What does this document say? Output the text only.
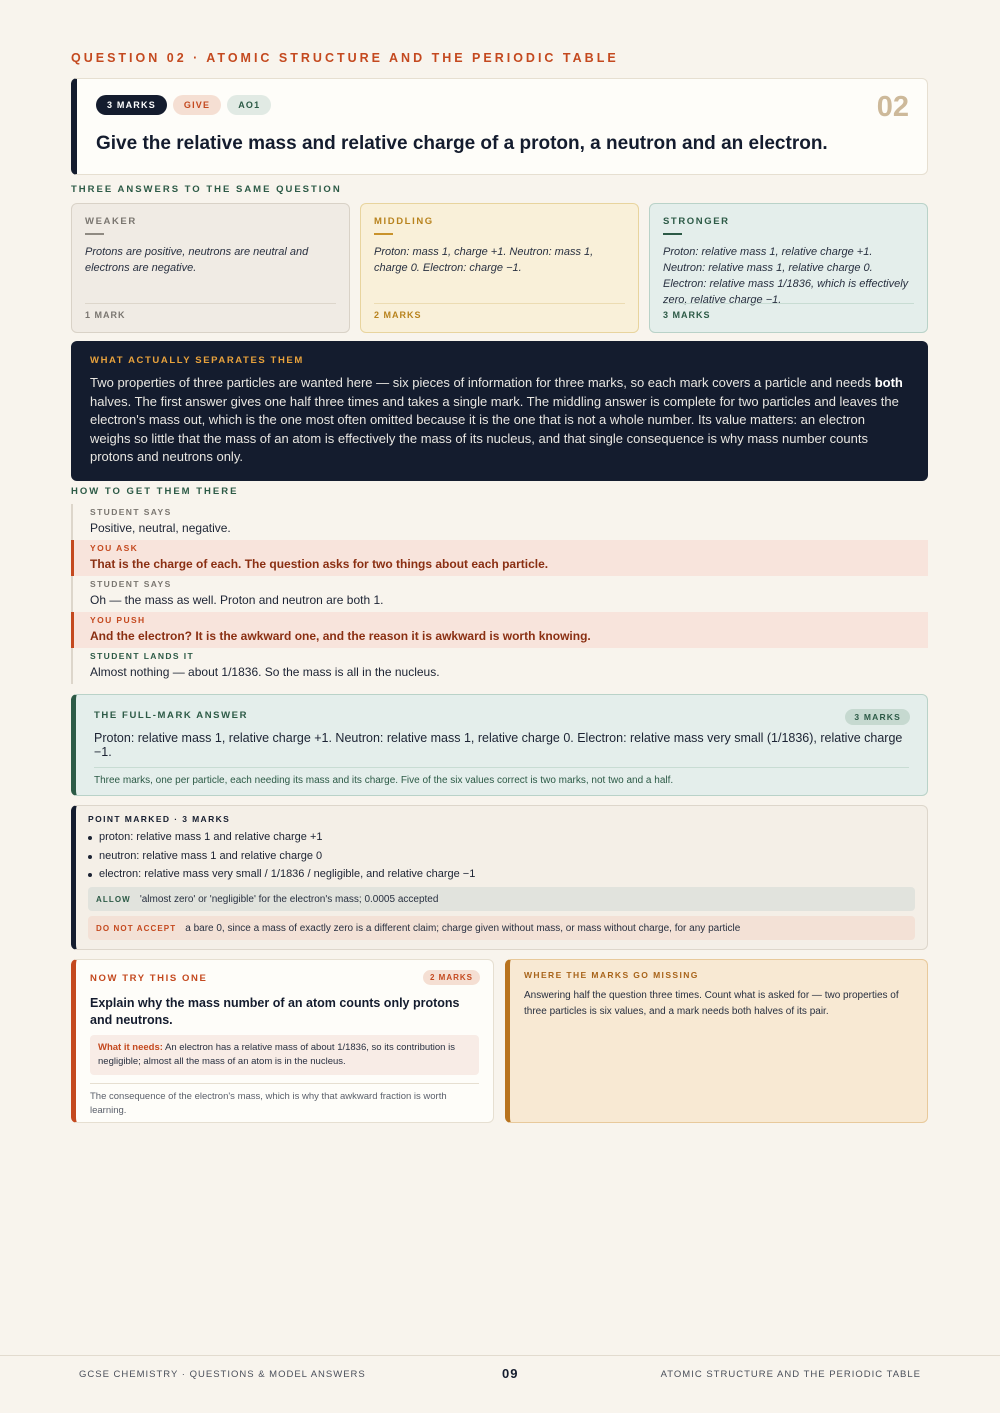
QUESTION 02 · ATOMIC STRUCTURE AND THE PERIODIC TABLE
3 MARKS	GIVE	AO1	02
Give the relative mass and relative charge of a proton, a neutron and an electron.
THREE ANSWERS TO THE SAME QUESTION
WEAKER
Protons are positive, neutrons are neutral and electrons are negative.
1 MARK
MIDDLING
Proton: mass 1, charge +1. Neutron: mass 1, charge 0. Electron: charge −1.
2 MARKS
STRONGER
Proton: relative mass 1, relative charge +1. Neutron: relative mass 1, relative charge 0. Electron: relative mass 1/1836, which is effectively zero, relative charge −1.
3 MARKS
WHAT ACTUALLY SEPARATES THEM
Two properties of three particles are wanted here — six pieces of information for three marks, so each mark covers a particle and needs both halves. The first answer gives one half three times and takes a single mark. The middling answer is complete for two particles and leaves the electron's mass out, which is the one most often omitted because it is the one that is not a whole number. Its value matters: an electron weighs so little that the mass of an atom is effectively the mass of its nucleus, and that single consequence is why mass number counts protons and neutrons only.
HOW TO GET THEM THERE
STUDENT SAYS
Positive, neutral, negative.
YOU ASK
That is the charge of each. The question asks for two things about each particle.
STUDENT SAYS
Oh — the mass as well. Proton and neutron are both 1.
YOU PUSH
And the electron? It is the awkward one, and the reason it is awkward is worth knowing.
STUDENT LANDS IT
Almost nothing — about 1/1836. So the mass is all in the nucleus.
THE FULL-MARK ANSWER	3 MARKS
Proton: relative mass 1, relative charge +1. Neutron: relative mass 1, relative charge 0. Electron: relative mass very small (1/1836), relative charge −1.
Three marks, one per particle, each needing its mass and its charge. Five of the six values correct is two marks, not two and a half.
POINT MARKED · 3 MARKS
proton: relative mass 1 and relative charge +1
neutron: relative mass 1 and relative charge 0
electron: relative mass very small / 1/1836 / negligible, and relative charge −1
ALLOW 'almost zero' or 'negligible' for the electron's mass; 0.0005 accepted
DO NOT ACCEPT a bare 0, since a mass of exactly zero is a different claim; charge given without mass, or mass without charge, for any particle
NOW TRY THIS ONE	2 MARKS
Explain why the mass number of an atom counts only protons and neutrons.
What it needs: An electron has a relative mass of about 1/1836, so its contribution is negligible; almost all the mass of an atom is in the nucleus.
The consequence of the electron's mass, which is why that awkward fraction is worth learning.
WHERE THE MARKS GO MISSING
Answering half the question three times. Count what is asked for — two properties of three particles is six values, and a mark needs both halves of its pair.
GCSE CHEMISTRY · QUESTIONS & MODEL ANSWERS	09	ATOMIC STRUCTURE AND THE PERIODIC TABLE
